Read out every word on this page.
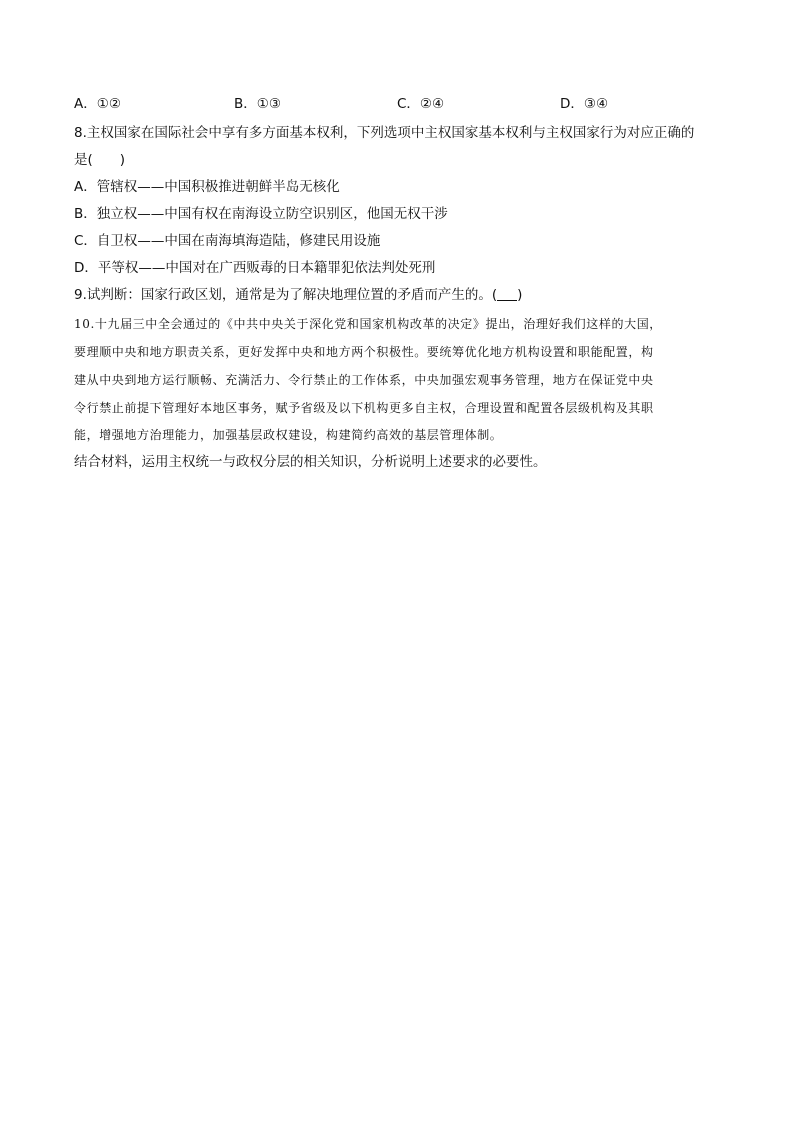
A．①②	B．①③	C．②④	D．③④
8.主权国家在国际社会中享有多方面基本权利，下列选项中主权国家基本权利与主权国家行为对应正确的
是(　　)
A．管辖权——中国积极推进朝鲜半岛无核化
B．独立权——中国有权在南海设立防空识别区，他国无权干涉
C．自卫权——中国在南海填海造陆，修建民用设施
D．平等权——中国对在广西贩毒的日本籍罪犯依法判处死刑
9.试判断：国家行政区划，通常是为了解决地理位置的矛盾而产生的。( )
10.十九届三中全会通过的《中共中央关于深化党和国家机构改革的决定》提出，治理好我们这样的大国，
要理顺中央和地方职责关系，更好发挥中央和地方两个积极性。要统筹优化地方机构设置和职能配置，构
建从中央到地方运行顺畅、充满活力、令行禁止的工作体系，中央加强宏观事务管理，地方在保证党中央
令行禁止前提下管理好本地区事务，赋予省级及以下机构更多自主权，合理设置和配置各层级机构及其职
能，增强地方治理能力，加强基层政权建设，构建简约高效的基层管理体制。
结合材料，运用主权统一与政权分层的相关知识，分析说明上述要求的必要性。
